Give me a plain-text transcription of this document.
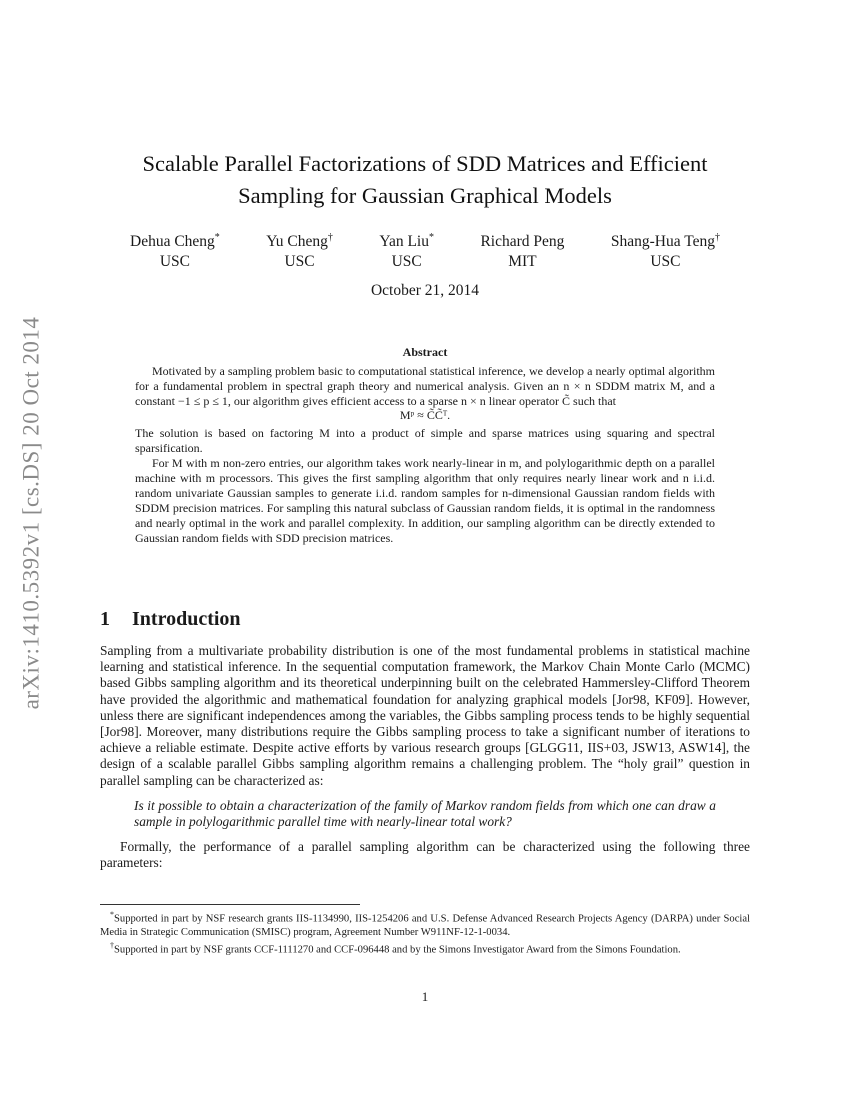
arXiv:1410.5392v1 [cs.DS] 20 Oct 2014
Scalable Parallel Factorizations of SDD Matrices and Efficient
Sampling for Gaussian Graphical Models
Dehua Cheng*
USC
Yu Cheng†
USC
Yan Liu*
USC
Richard Peng
MIT
Shang-Hua Teng†
USC
October 21, 2014
Abstract

Motivated by a sampling problem basic to computational statistical inference, we develop a nearly optimal algorithm for a fundamental problem in spectral graph theory and numerical analysis. Given an n × n SDDM matrix M, and a constant −1 ≤ p ≤ 1, our algorithm gives efficient access to a sparse n × n linear operator C̃ such that

Mᵖ ≈ C̃C̃ᵀ.

The solution is based on factoring M into a product of simple and sparse matrices using squaring and spectral sparsification.

For M with m non-zero entries, our algorithm takes work nearly-linear in m, and polylogarithmic depth on a parallel machine with m processors. This gives the first sampling algorithm that only requires nearly linear work and n i.i.d. random univariate Gaussian samples to generate i.i.d. random samples for n-dimensional Gaussian random fields with SDDM precision matrices. For sampling this natural subclass of Gaussian random fields, it is optimal in the randomness and nearly optimal in the work and parallel complexity. In addition, our sampling algorithm can be directly extended to Gaussian random fields with SDD precision matrices.

1 Introduction

Sampling from a multivariate probability distribution is one of the most fundamental problems in statistical machine learning and statistical inference. In the sequential computation framework, the Markov Chain Monte Carlo (MCMC) based Gibbs sampling algorithm and its theoretical underpinning built on the celebrated Hammersley-Clifford Theorem have provided the algorithmic and mathematical foundation for analyzing graphical models [Jor98, KF09]. However, unless there are significant independences among the variables, the Gibbs sampling process tends to be highly sequential [Jor98]. Moreover, many distributions require the Gibbs sampling process to take a significant number of iterations to achieve a reliable estimate. Despite active efforts by various research groups [GLGG11, IIS+03, JSW13, ASW14], the design of a scalable parallel Gibbs sampling algorithm remains a challenging problem. The “holy grail” question in parallel sampling can be characterized as:

Is it possible to obtain a characterization of the family of Markov random fields from which one can draw a sample in polylogarithmic parallel time with nearly-linear total work?

Formally, the performance of a parallel sampling algorithm can be characterized using the following three parameters:

*Supported in part by NSF research grants IIS-1134990, IIS-1254206 and U.S. Defense Advanced Research Projects Agency (DARPA) under Social Media in Strategic Communication (SMISC) program, Agreement Number W911NF-12-1-0034.

†Supported in part by NSF grants CCF-1111270 and CCF-096448 and by the Simons Investigator Award from the Simons Foundation.

1
